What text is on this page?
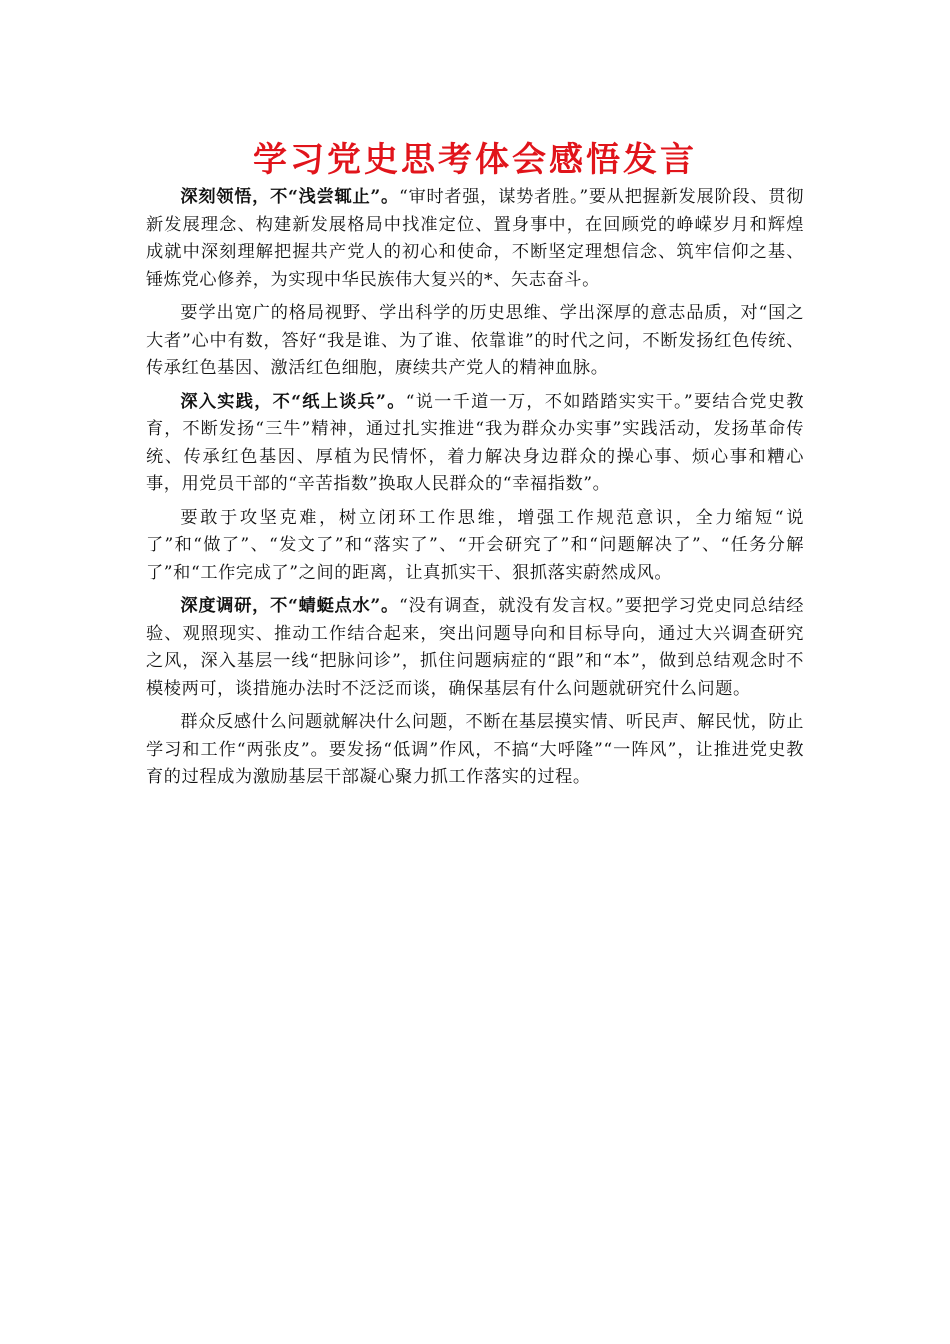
学习党史思考体会感悟发言

深刻领悟，不“浅尝辄止”。“审时者强，谋势者胜。”要从把握新发展阶段、贯彻新发展理念、构建新发展格局中找准定位、置身事中，在回顾党的峥嵘岁月和辉煌成就中深刻理解把握共产党人的初心和使命，不断坚定理想信念、筑牢信仰之基、锤炼党心修养，为实现中华民族伟大复兴的*、矢志奋斗。

要学出宽广的格局视野、学出科学的历史思维、学出深厚的意志品质，对“国之大者”心中有数，答好“我是谁、为了谁、依靠谁”的时代之问，不断发扬红色传统、传承红色基因、激活红色细胞，赓续共产党人的精神血脉。

深入实践，不“纸上谈兵”。“说一千道一万，不如踏踏实实干。”要结合党史教育，不断发扬“三牛”精神，通过扎实推进“我为群众办实事”实践活动，发扬革命传统、传承红色基因、厚植为民情怀，着力解决身边群众的操心事、烦心事和糟心事，用党员干部的“辛苦指数”换取人民群众的“幸福指数”。

要敢于攻坚克难，树立闭环工作思维，增强工作规范意识，全力缩短“说了”和“做了”、“发文了”和“落实了”、“开会研究了”和“问题解决了”、“任务分解了”和“工作完成了”之间的距离，让真抓实干、狠抓落实蔚然成风。

深度调研，不“蜻蜓点水”。“没有调查，就没有发言权。”要把学习党史同总结经验、观照现实、推动工作结合起来，突出问题导向和目标导向，通过大兴调查研究之风，深入基层一线“把脉问诊”，抓住问题病症的“跟”和“本”，做到总结观念时不模棱两可，谈措施办法时不泛泛而谈，确保基层有什么问题就研究什么问题。

群众反感什么问题就解决什么问题，不断在基层摸实情、听民声、解民忧，防止学习和工作“两张皮”。要发扬“低调”作风，不搞“大呼隆”“一阵风”，让推进党史教育的过程成为激励基层干部凝心聚力抓工作落实的过程。
